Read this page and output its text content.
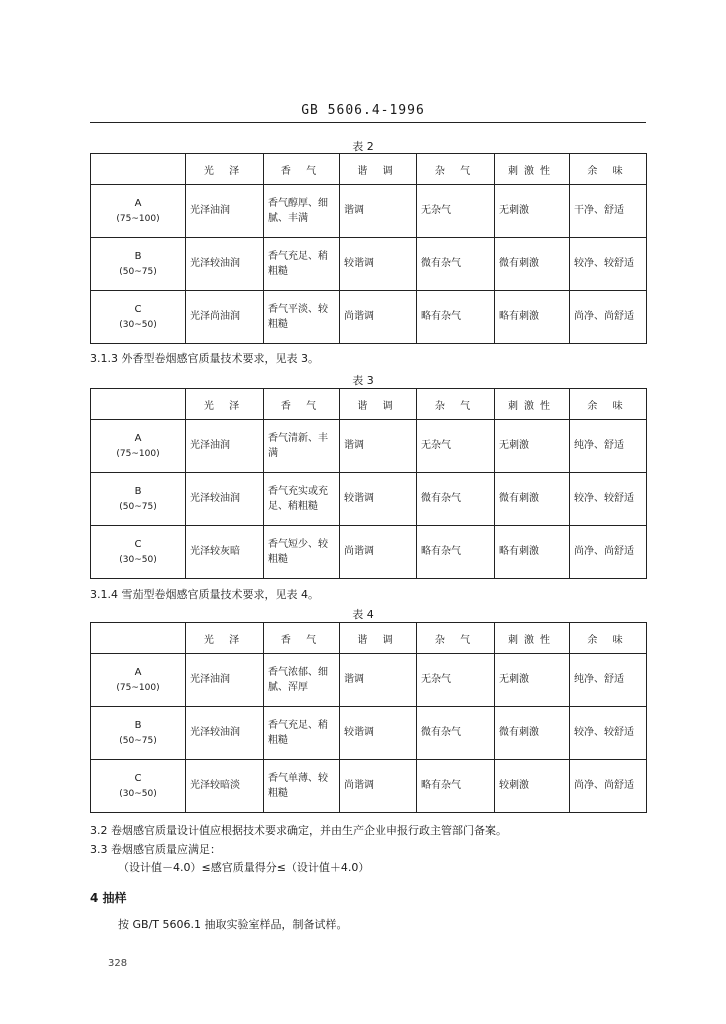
GB 5606.4-1996
表 2
	光 泽	香 气	谐 调	杂 气	刺激性	余 味
A
(75~100)	光泽油润	香气醇厚、细腻、丰满	谐调	无杂气	无刺激	干净、舒适
B
(50~75)	光泽较油润	香气充足、稍粗糙	较谐调	微有杂气	微有刺激	较净、较舒适
C
(30~50)	光泽尚油润	香气平淡、较粗糙	尚谐调	略有杂气	略有刺激	尚净、尚舒适
3.1.3 外香型卷烟感官质量技术要求，见表 3。
表 3
	光 泽	香 气	谐 调	杂 气	刺激性	余 味
A
(75~100)	光泽油润	香气清新、丰满	谐调	无杂气	无刺激	纯净、舒适
B
(50~75)	光泽较油润	香气充实或充足、稍粗糙	较谐调	微有杂气	微有刺激	较净、较舒适
C
(30~50)	光泽较灰暗	香气短少、较粗糙	尚谐调	略有杂气	略有刺激	尚净、尚舒适
3.1.4 雪茄型卷烟感官质量技术要求，见表 4。
表 4
	光 泽	香 气	谐 调	杂 气	刺激性	余 味
A
(75~100)	光泽油润	香气浓郁、细腻、浑厚	谐调	无杂气	无刺激	纯净、舒适
B
(50~75)	光泽较油润	香气充足、稍粗糙	较谐调	微有杂气	微有刺激	较净、较舒适
C
(30~50)	光泽较暗淡	香气单薄、较粗糙	尚谐调	略有杂气	较刺激	尚净、尚舒适
3.2 卷烟感官质量设计值应根据技术要求确定，并由生产企业申报行政主管部门备案。
3.3 卷烟感官质量应满足：
（设计值－4.0）≤感官质量得分≤（设计值＋4.0）
4 抽样
按 GB/T 5606.1 抽取实验室样品，制备试样。
328
